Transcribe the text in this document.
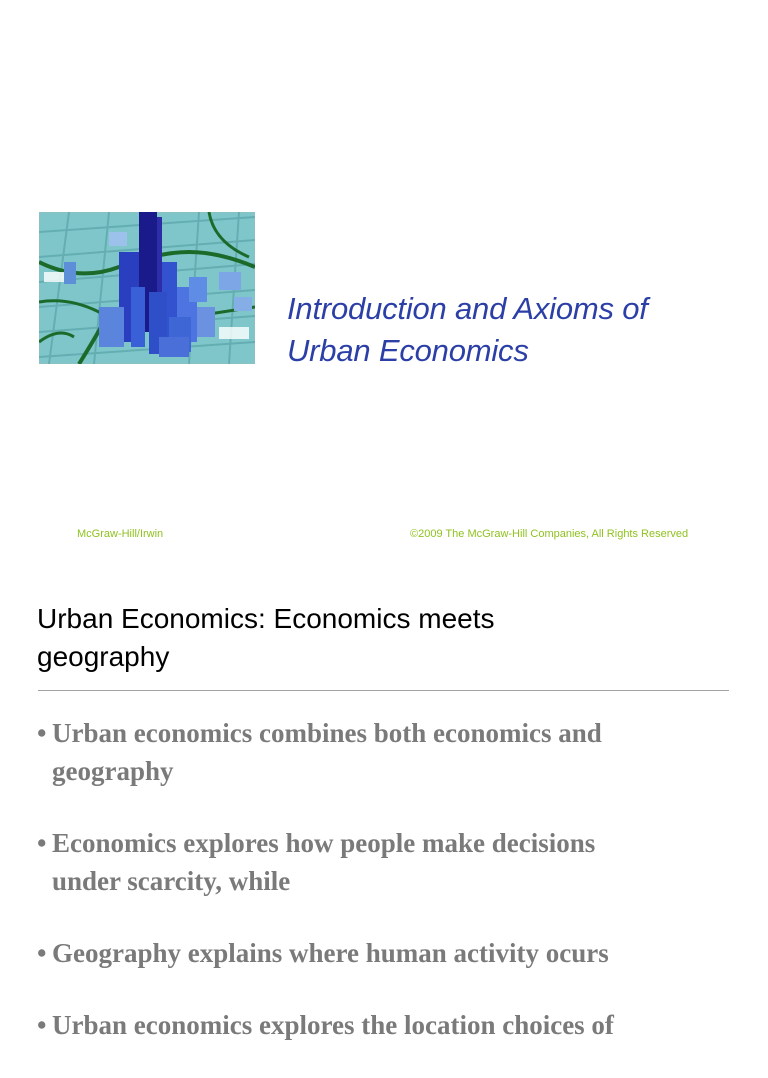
Introduction and Axioms of
Urban Economics
McGraw-Hill/Irwin	©2009 The McGraw-Hill Companies, All Rights Reserved
Urban Economics: Economics meets
geography
• Urban economics combines both economics and
geography
• Economics explores how people make decisions
under scarcity, while
• Geography explains where human activity ocurs
• Urban economics explores the location choices of
